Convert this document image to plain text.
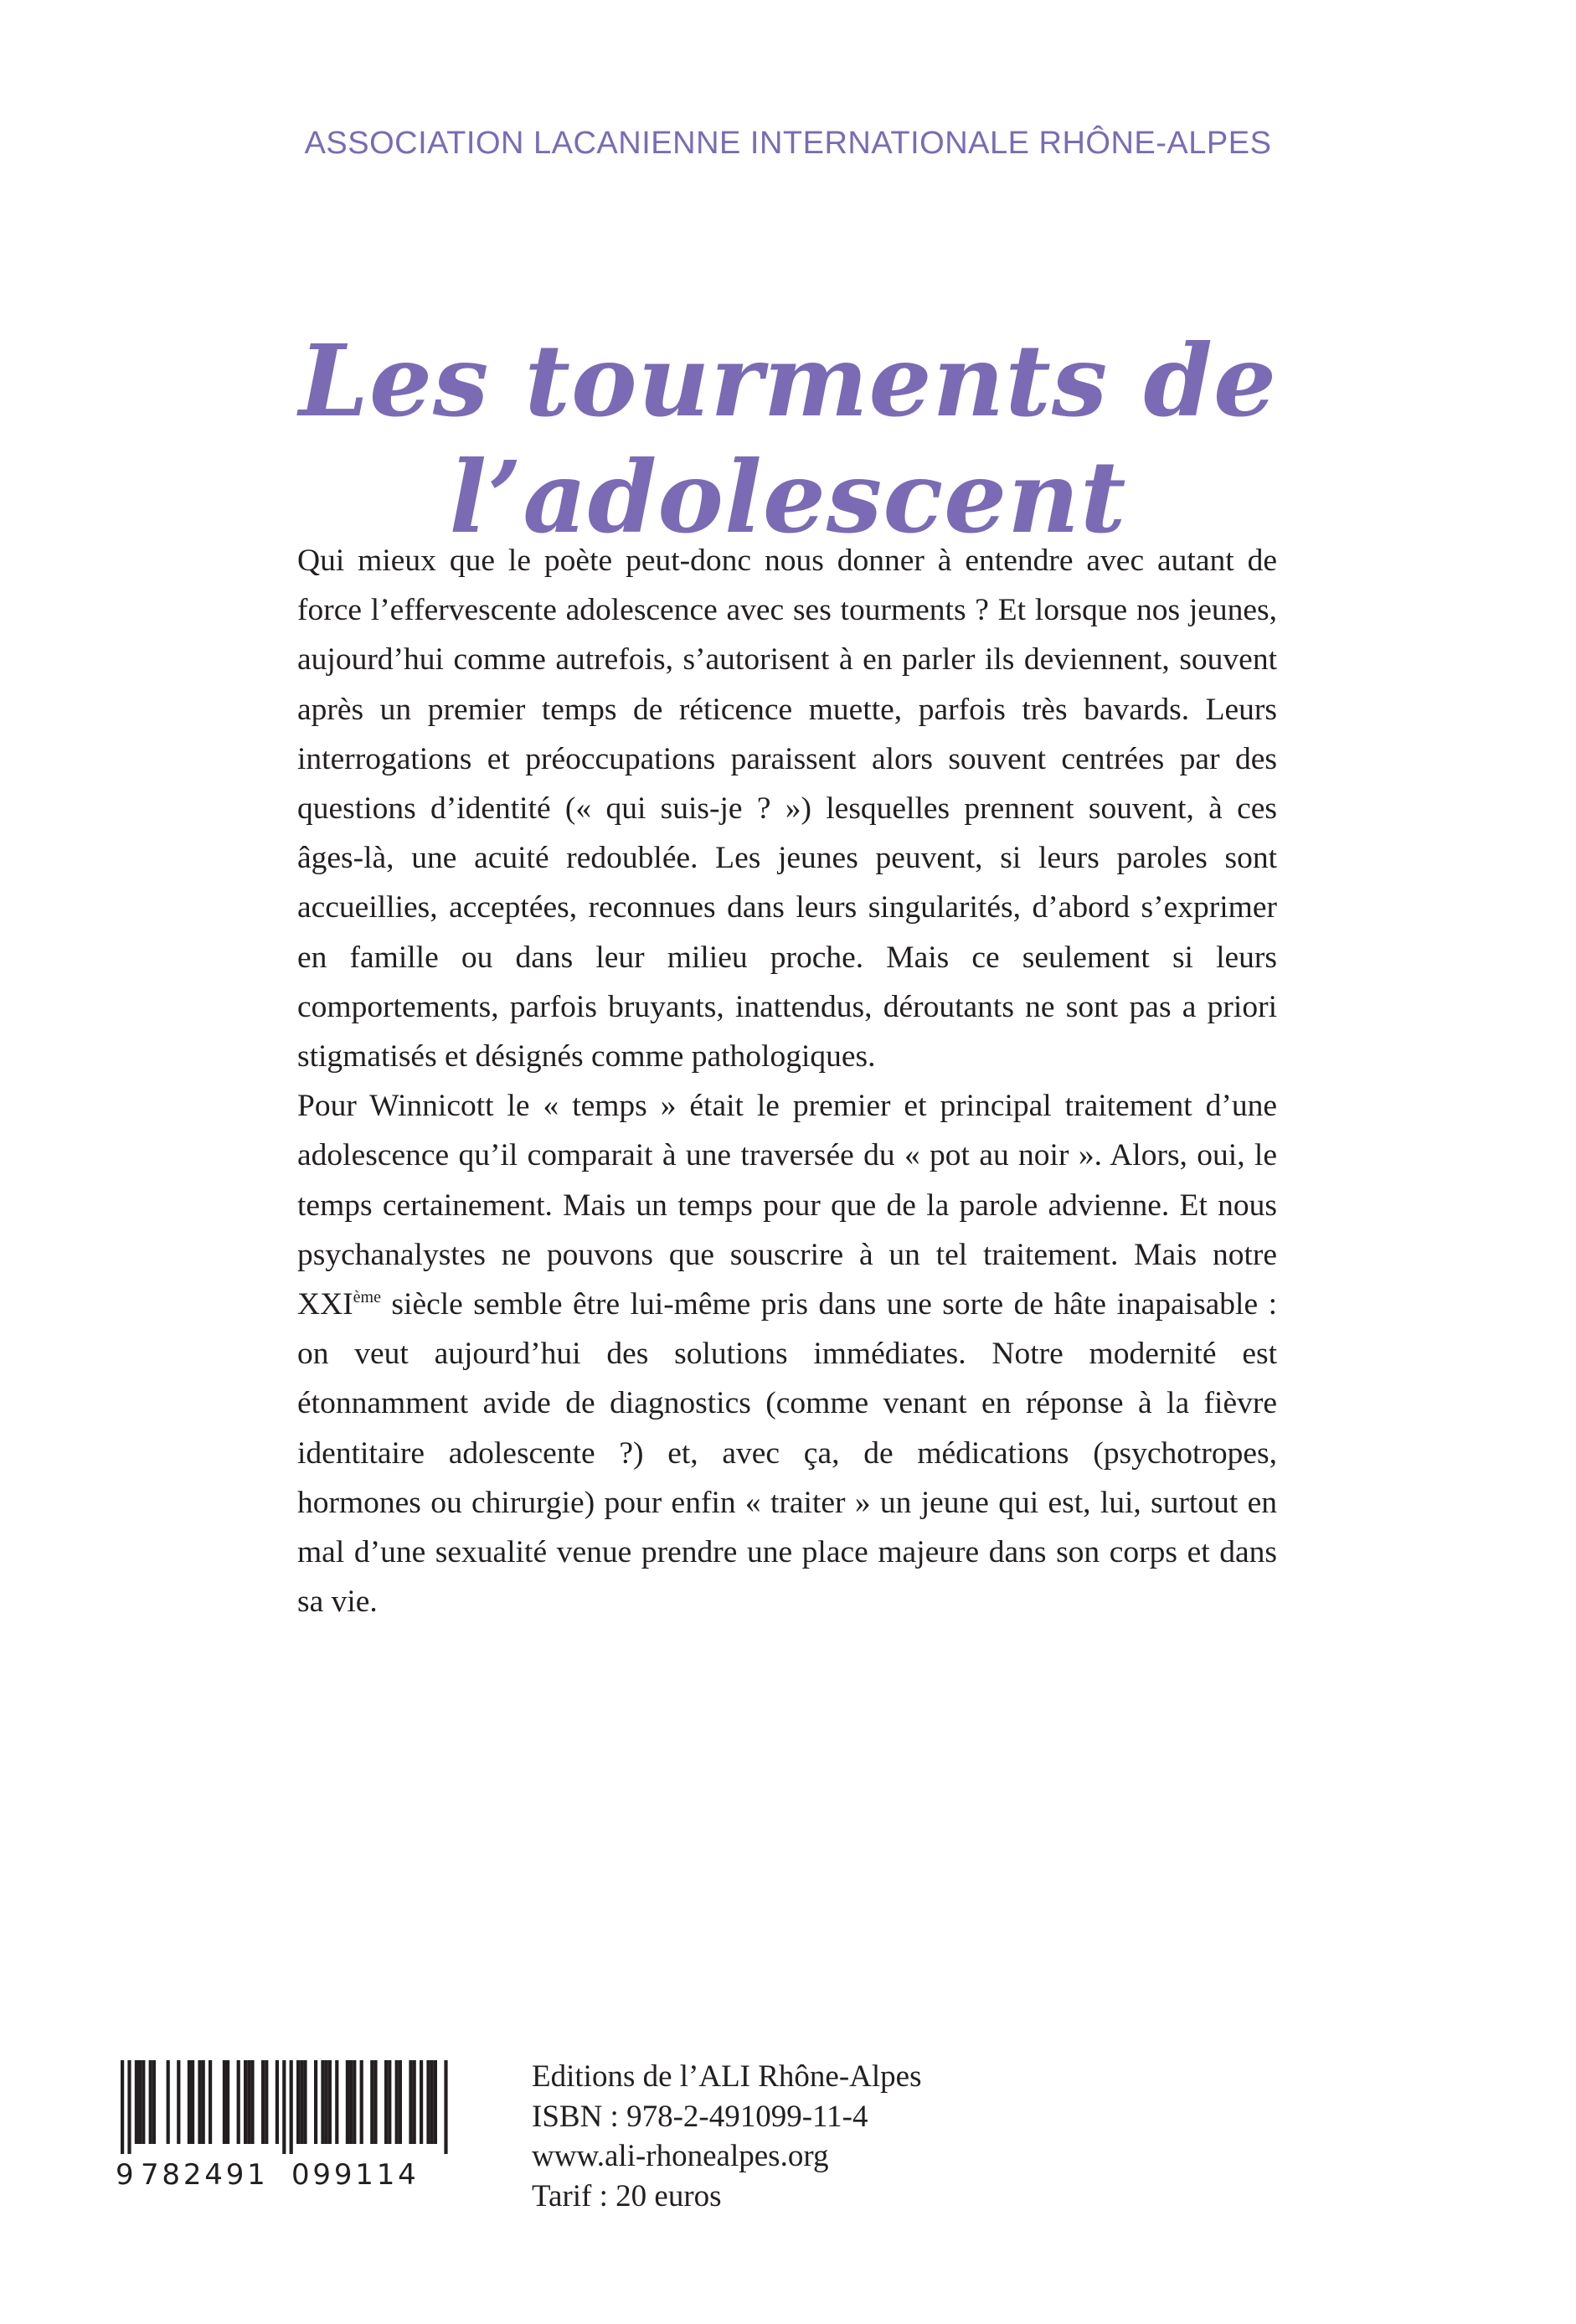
ASSOCIATION LACANIENNE INTERNATIONALE RHÔNE-ALPES
Les tourments de l’adolescent

Qui mieux que le poète peut-donc nous donner à entendre avec autant de force l’effervescente adolescence avec ses tourments ? Et lorsque nos jeunes, aujourd’hui comme autrefois, s’autorisent à en parler ils deviennent, souvent après un premier temps de réticence muette, parfois très bavards. Leurs interrogations et préoccupations paraissent alors souvent centrées par des questions d’identité (« qui suis-je ? ») lesquelles prennent souvent, à ces âges-là, une acuité redoublée. Les jeunes peuvent, si leurs paroles sont accueillies, acceptées, reconnues dans leurs singularités, d’abord s’exprimer en famille ou dans leur milieu proche. Mais ce seulement si leurs comportements, parfois bruyants, inattendus, déroutants ne sont pas a priori stigmatisés et désignés comme pathologiques.

Pour Winnicott le « temps » était le premier et principal traitement d’une adolescence qu’il comparait à une traversée du « pot au noir ». Alors, oui, le temps certainement. Mais un temps pour que de la parole advienne. Et nous psychanalystes ne pouvons que souscrire à un tel traitement. Mais notre XXIème siècle semble être lui-même pris dans une sorte de hâte inapaisable : on veut aujourd’hui des solutions immédiates. Notre modernité est étonnamment avide de diagnostics (comme venant en réponse à la fièvre identitaire adolescente ?) et, avec ça, de médications (psychotropes, hormones ou chirurgie) pour enfin « traiter » un jeune qui est, lui, surtout en mal d’une sexualité venue prendre une place majeure dans son corps et dans sa vie.

9 782491 099114
Editions de l’ALI Rhône-Alpes
ISBN : 978-2-491099-11-4
www.ali-rhonealpes.org
Tarif : 20 euros
